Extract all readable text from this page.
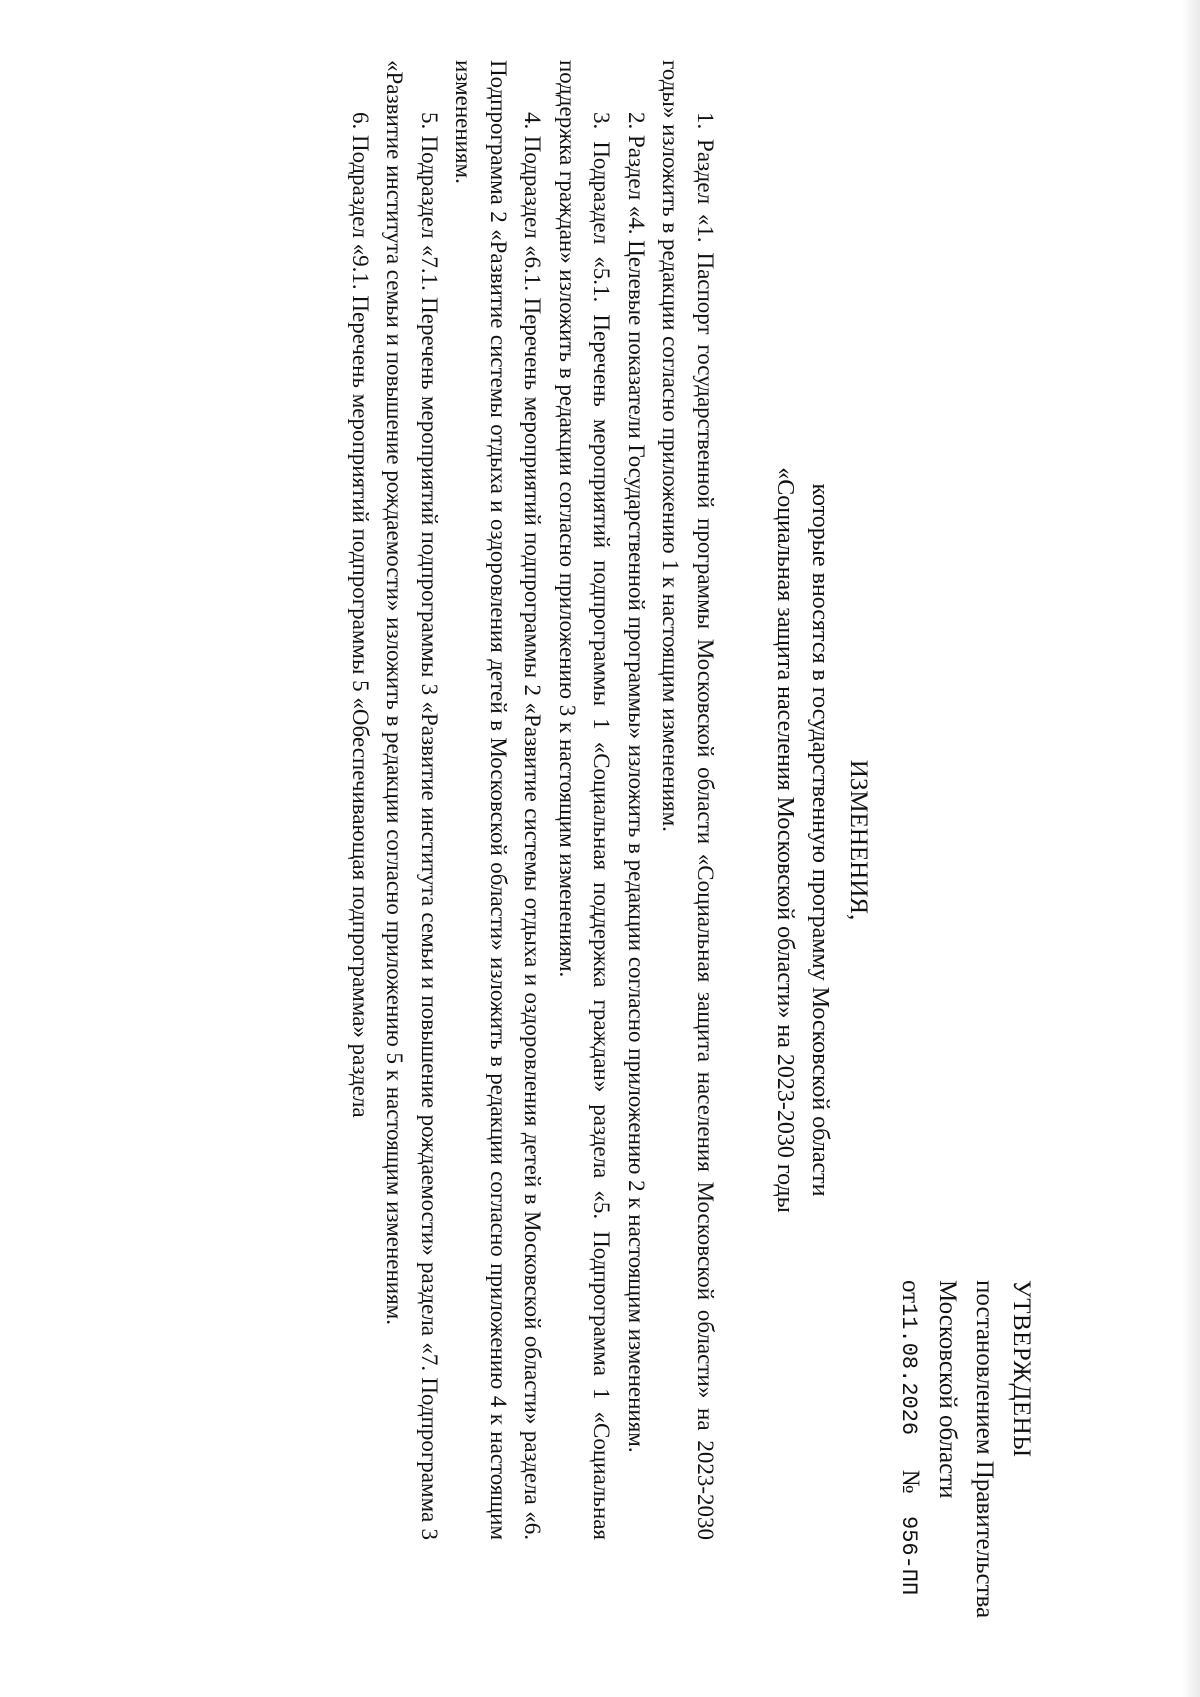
УТВЕРЖДЕНЫ
постановлением Правительства
Московской области
от11.08.2026  №  956-ПП
ИЗМЕНЕНИЯ,
которые вносятся в государственную программу Московской области
«Социальная защита населения Московской области» на 2023-2030 годы

1. Раздел «1. Паспорт государственной программы Московской области «Социальная защита населения Московской области» на 2023-2030 годы» изложить в редакции согласно приложению 1 к настоящим изменениям.

2. Раздел «4. Целевые показатели Государственной программы» изложить в редакции согласно приложению 2 к настоящим изменениям.

3. Подраздел «5.1. Перечень мероприятий подпрограммы 1 «Социальная поддержка граждан» раздела «5. Подпрограмма 1 «Социальная поддержка граждан» изложить в редакции согласно приложению 3 к настоящим изменениям.

4. Подраздел «6.1. Перечень мероприятий подпрограммы 2 «Развитие системы отдыха и оздоровления детей в Московской области» раздела «6. Подпрограмма 2 «Развитие системы отдыха и оздоровления детей в Московской области» изложить в редакции согласно приложению 4 к настоящим изменениям.

5. Подраздел «7.1. Перечень мероприятий подпрограммы 3 «Развитие института семьи и повышение рождаемости» раздела «7. Подпрограмма 3 «Развитие института семьи и повышение рождаемости» изложить в редакции согласно приложению 5 к настоящим изменениям.

6. Подраздел «9.1. Перечень мероприятий подпрограммы 5 «Обеспечивающая подпрограмма» раздела
